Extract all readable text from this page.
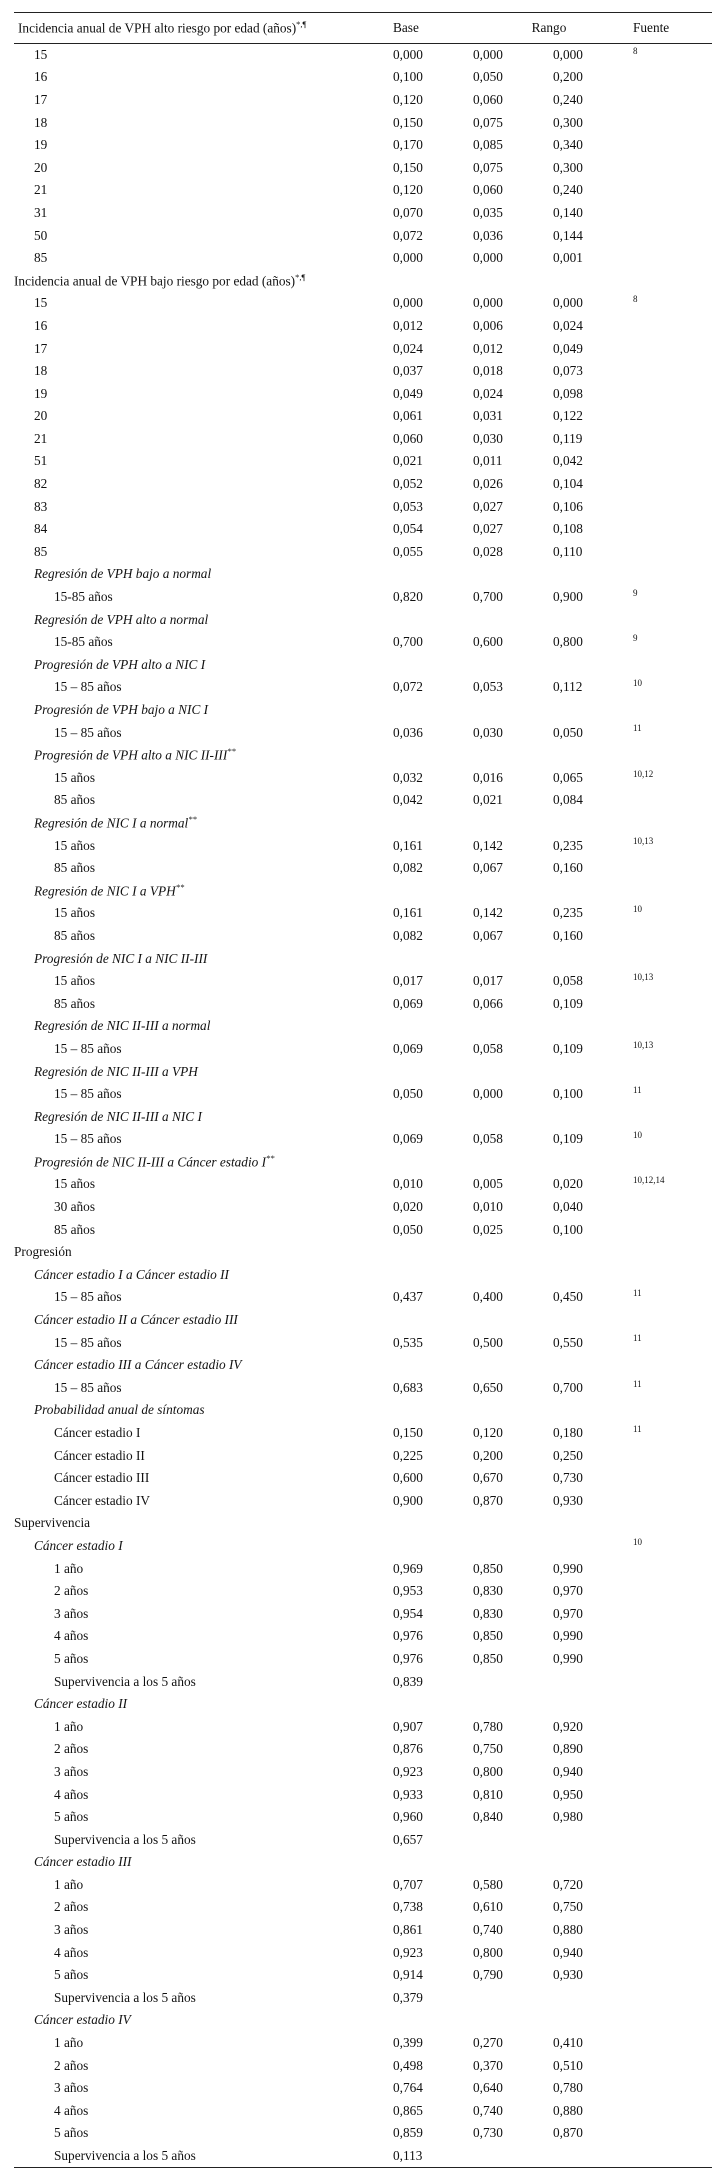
Incidencia anual de VPH alto riesgo por edad (años)*,¶	Base	Rango		Fuente
15	0,000	0,000	0,000	8
16	0,100	0,050	0,200	
17	0,120	0,060	0,240	
18	0,150	0,075	0,300	
19	0,170	0,085	0,340	
20	0,150	0,075	0,300	
21	0,120	0,060	0,240	
31	0,070	0,035	0,140	
50	0,072	0,036	0,144	
85	0,000	0,000	0,001	
Incidencia anual de VPH bajo riesgo por edad (años)*,¶				
15	0,000	0,000	0,000	8
16	0,012	0,006	0,024	
17	0,024	0,012	0,049	
18	0,037	0,018	0,073	
19	0,049	0,024	0,098	
20	0,061	0,031	0,122	
21	0,060	0,030	0,119	
51	0,021	0,011	0,042	
82	0,052	0,026	0,104	
83	0,053	0,027	0,106	
84	0,054	0,027	0,108	
85	0,055	0,028	0,110	
Regresión de VPH bajo a normal				
15-85 años	0,820	0,700	0,900	9
Regresión de VPH alto a normal				
15-85 años	0,700	0,600	0,800	9
Progresión de VPH alto a NIC I				
15 – 85 años	0,072	0,053	0,112	10
Progresión de VPH bajo a NIC I				
15 – 85 años	0,036	0,030	0,050	11
Progresión de VPH alto a NIC II-III**				
15 años	0,032	0,016	0,065	10,12
85 años	0,042	0,021	0,084	
Regresión de NIC I a normal**				
15 años	0,161	0,142	0,235	10,13
85 años	0,082	0,067	0,160	
Regresión de NIC I a VPH**				
15 años	0,161	0,142	0,235	10
85 años	0,082	0,067	0,160	
Progresión de NIC I a NIC II-III				
15 años	0,017	0,017	0,058	10,13
85 años	0,069	0,066	0,109	
Regresión de NIC II-III a normal				
15 – 85 años	0,069	0,058	0,109	10,13
Regresión de NIC II-III a VPH				
15 – 85 años	0,050	0,000	0,100	11
Regresión de NIC II-III a NIC I				
15 – 85 años	0,069	0,058	0,109	10
Progresión de NIC II-III a Cáncer estadio I**				
15 años	0,010	0,005	0,020	10,12,14
30 años	0,020	0,010	0,040	
85 años	0,050	0,025	0,100	
Progresión				
Cáncer estadio I a Cáncer estadio II				
15 – 85 años	0,437	0,400	0,450	11
Cáncer estadio II a Cáncer estadio III				
15 – 85 años	0,535	0,500	0,550	11
Cáncer estadio III a Cáncer estadio IV				
15 – 85 años	0,683	0,650	0,700	11
Probabilidad anual de síntomas				
Cáncer estadio I	0,150	0,120	0,180	11
Cáncer estadio II	0,225	0,200	0,250	
Cáncer estadio III	0,600	0,670	0,730	
Cáncer estadio IV	0,900	0,870	0,930	
Supervivencia				
Cáncer estadio I				10
1 año	0,969	0,850	0,990	
2 años	0,953	0,830	0,970	
3 años	0,954	0,830	0,970	
4 años	0,976	0,850	0,990	
5 años	0,976	0,850	0,990	
Supervivencia a los 5 años	0,839			
Cáncer estadio II				
1 año	0,907	0,780	0,920	
2 años	0,876	0,750	0,890	
3 años	0,923	0,800	0,940	
4 años	0,933	0,810	0,950	
5 años	0,960	0,840	0,980	
Supervivencia a los 5 años	0,657			
Cáncer estadio III				
1 año	0,707	0,580	0,720	
2 años	0,738	0,610	0,750	
3 años	0,861	0,740	0,880	
4 años	0,923	0,800	0,940	
5 años	0,914	0,790	0,930	
Supervivencia a los 5 años	0,379			
Cáncer estadio IV				
1 año	0,399	0,270	0,410	
2 años	0,498	0,370	0,510	
3 años	0,764	0,640	0,780	
4 años	0,865	0,740	0,880	
5 años	0,859	0,730	0,870	
Supervivencia a los 5 años	0,113			
